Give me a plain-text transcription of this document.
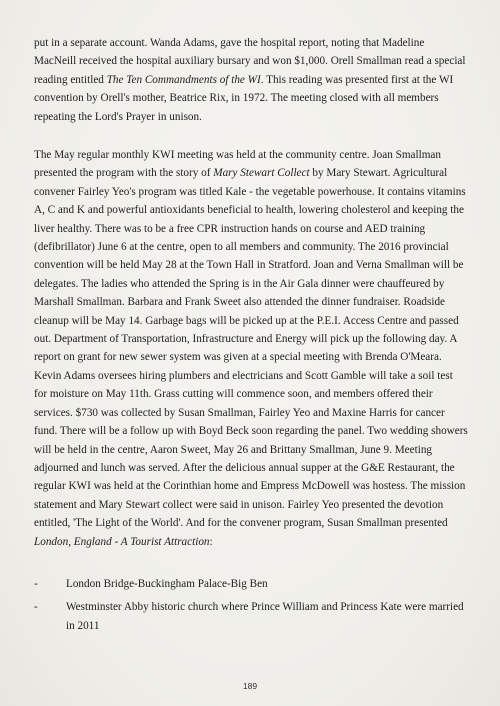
put in a separate account. Wanda Adams, gave the hospital report, noting that Madeline MacNeill received the hospital auxiliary bursary and won $1,000. Orell Smallman read a special reading entitled The Ten Commandments of the WI. This reading was presented first at the WI convention by Orell's mother, Beatrice Rix, in 1972. The meeting closed with all members repeating the Lord's Prayer in unison.

The May regular monthly KWI meeting was held at the community centre. Joan Smallman presented the program with the story of Mary Stewart Collect by Mary Stewart. Agricultural convener Fairley Yeo's program was titled Kale - the vegetable powerhouse. It contains vitamins A, C and K and powerful antioxidants beneficial to health, lowering cholesterol and keeping the liver healthy. There was to be a free CPR instruction hands on course and AED training (defibrillator) June 6 at the centre, open to all members and community. The 2016 provincial convention will be held May 28 at the Town Hall in Stratford. Joan and Verna Smallman will be delegates. The ladies who attended the Spring is in the Air Gala dinner were chauffeured by Marshall Smallman. Barbara and Frank Sweet also attended the dinner fundraiser. Roadside cleanup will be May 14. Garbage bags will be picked up at the P.E.I. Access Centre and passed out. Department of Transportation, Infrastructure and Energy will pick up the following day. A report on grant for new sewer system was given at a special meeting with Brenda O'Meara. Kevin Adams oversees hiring plumbers and electricians and Scott Gamble will take a soil test for moisture on May 11th. Grass cutting will commence soon, and members offered their services. $730 was collected by Susan Smallman, Fairley Yeo and Maxine Harris for cancer fund. There will be a follow up with Boyd Beck soon regarding the panel. Two wedding showers will be held in the centre, Aaron Sweet, May 26 and Brittany Smallman, June 9. Meeting adjourned and lunch was served. After the delicious annual supper at the G&E Restaurant, the regular KWI was held at the Corinthian home and Empress McDowell was hostess. The mission statement and Mary Stewart collect were said in unison. Fairley Yeo presented the devotion entitled, 'The Light of the World'. And for the convener program, Susan Smallman presented London, England - A Tourist Attraction:

-	London Bridge-Buckingham Palace-Big Ben
-	Westminster Abby historic church where Prince William and Princess Kate were married in 2011
189
